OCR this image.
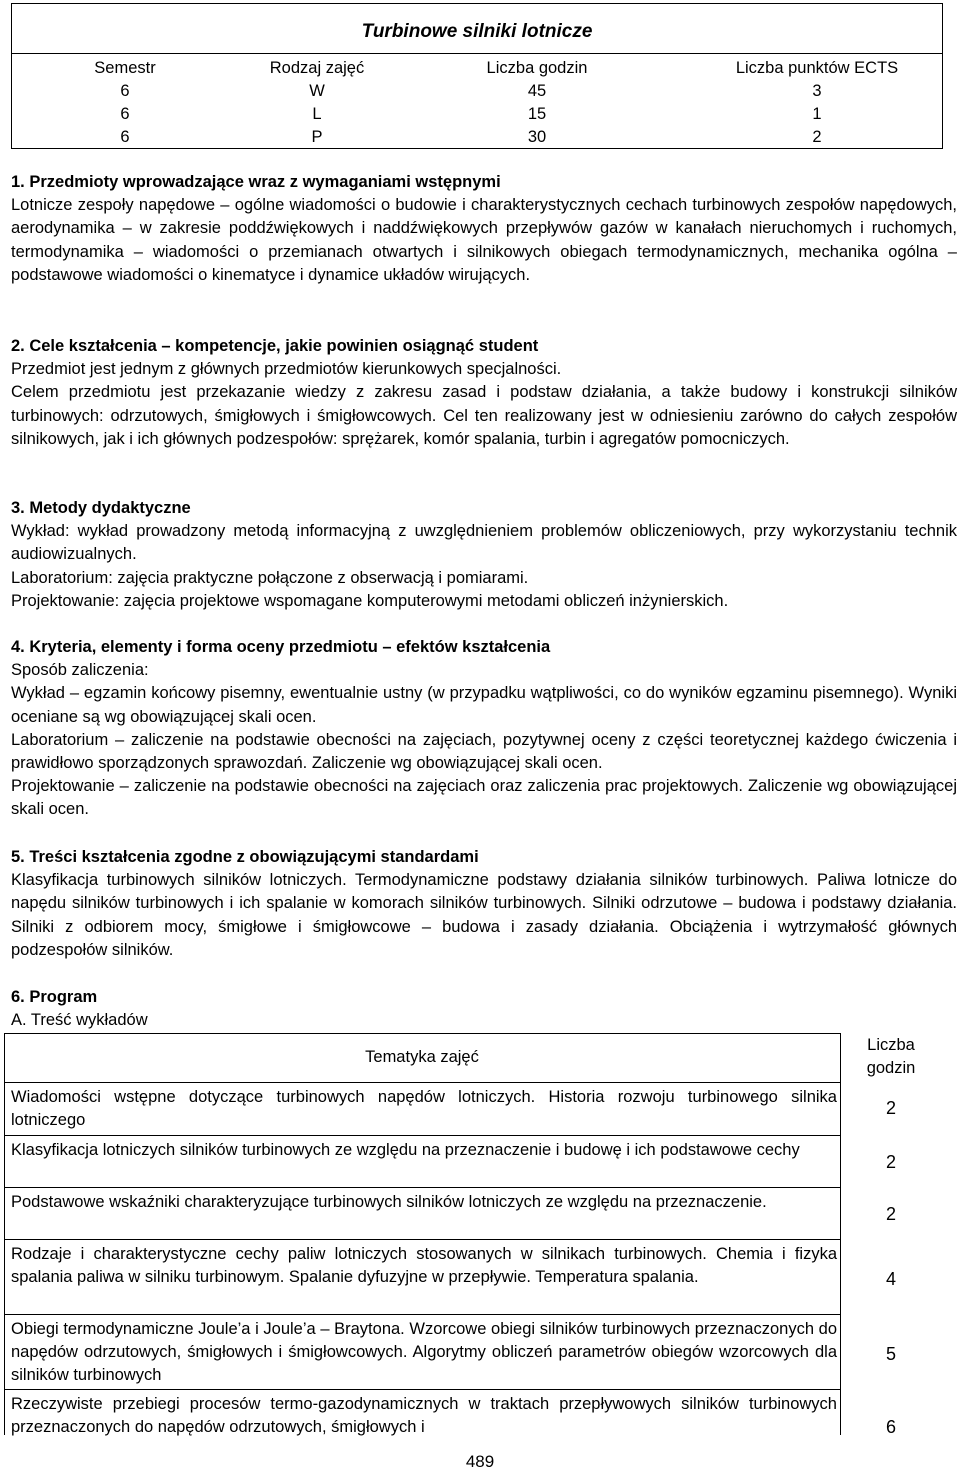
Turbinowe silniki lotnicze
Semestr
6
6
6
Rodzaj zajęć
W
L
P
Liczba godzin
45
15
30
Liczba punktów ECTS
3
1
2

1. Przedmioty wprowadzające wraz z wymaganiami wstępnymi

Lotnicze zespoły napędowe – ogólne wiadomości o budowie i charakterystycznych cechach turbinowych zespołów napędowych, aerodynamika – w zakresie poddźwiękowych i naddźwiękowych przepływów gazów w kanałach nieruchomych i ruchomych, termodynamika – wiadomości o przemianach otwartych i silnikowych obiegach termodynamicznych, mechanika ogólna – podstawowe wiadomości o kinematyce i dynamice układów wirujących.

2. Cele kształcenia – kompetencje, jakie powinien osiągnąć student

Przedmiot jest jednym z głównych przedmiotów kierunkowych specjalności.

Celem przedmiotu jest przekazanie wiedzy z zakresu zasad i podstaw działania, a także budowy i konstrukcji silników turbinowych: odrzutowych, śmigłowych i śmigłowcowych. Cel ten realizowany jest w odniesieniu zarówno do całych zespołów silnikowych, jak i ich głównych podzespołów: sprężarek, komór spalania, turbin i agregatów pomocniczych.

3. Metody dydaktyczne

Wykład: wykład prowadzony metodą informacyjną z uwzględnieniem problemów obliczeniowych, przy wykorzystaniu technik audiowizualnych.

Laboratorium: zajęcia praktyczne połączone z obserwacją i pomiarami.

Projektowanie: zajęcia projektowe wspomagane komputerowymi metodami obliczeń inżynierskich.

4. Kryteria, elementy i forma oceny przedmiotu – efektów kształcenia

Sposób zaliczenia:

Wykład – egzamin końcowy pisemny, ewentualnie ustny (w przypadku wątpliwości, co do wyników egzaminu pisemnego). Wyniki oceniane są wg obowiązującej skali ocen.

Laboratorium – zaliczenie na podstawie obecności na zajęciach, pozytywnej oceny z części teoretycznej każdego ćwiczenia i prawidłowo sporządzonych sprawozdań. Zaliczenie wg obowiązującej skali ocen.

Projektowanie – zaliczenie na podstawie obecności na zajęciach oraz zaliczenia prac projektowych. Zaliczenie wg obowiązującej skali ocen.

5. Treści kształcenia zgodne z obowiązującymi standardami

Klasyfikacja turbinowych silników lotniczych. Termodynamiczne podstawy działania silników turbinowych. Paliwa lotnicze do napędu silników turbinowych i ich spalanie w komorach silników turbinowych. Silniki odrzutowe – budowa i podstawy działania. Silniki z odbiorem mocy, śmigłowe i śmigłowcowe – budowa i zasady działania. Obciążenia i wytrzymałość głównych podzespołów silników.

6. Program

A. Treść wykładów

Tematyka zajęć
Liczba
godzin
Wiadomości wstępne dotyczące turbinowych napędów lotniczych. Historia rozwoju turbinowego silnika lotniczego
2
Klasyfikacja lotniczych silników turbinowych ze względu na przeznaczenie i budowę i ich podstawowe cechy
2
Podstawowe wskaźniki charakteryzujące turbinowych silników lotniczych ze względu na przeznaczenie.
2
Rodzaje i charakterystyczne cechy paliw lotniczych stosowanych w silnikach turbinowych. Chemia i fizyka spalania paliwa w silniku turbinowym. Spalanie dyfuzyjne w przepływie. Temperatura spalania.	4
Obiegi termodynamiczne Joule’a i Joule’a – Braytona. Wzorcowe obiegi silników turbinowych przeznaczonych do napędów odrzutowych, śmigłowych i śmigłowcowych. Algorytmy obliczeń parametrów obiegów wzorcowych dla silników turbinowych
5
Rzeczywiste przebiegi procesów termo-gazodynamicznych w traktach przepływowych silników turbinowych przeznaczonych do napędów odrzutowych, śmigłowych i	6
489
